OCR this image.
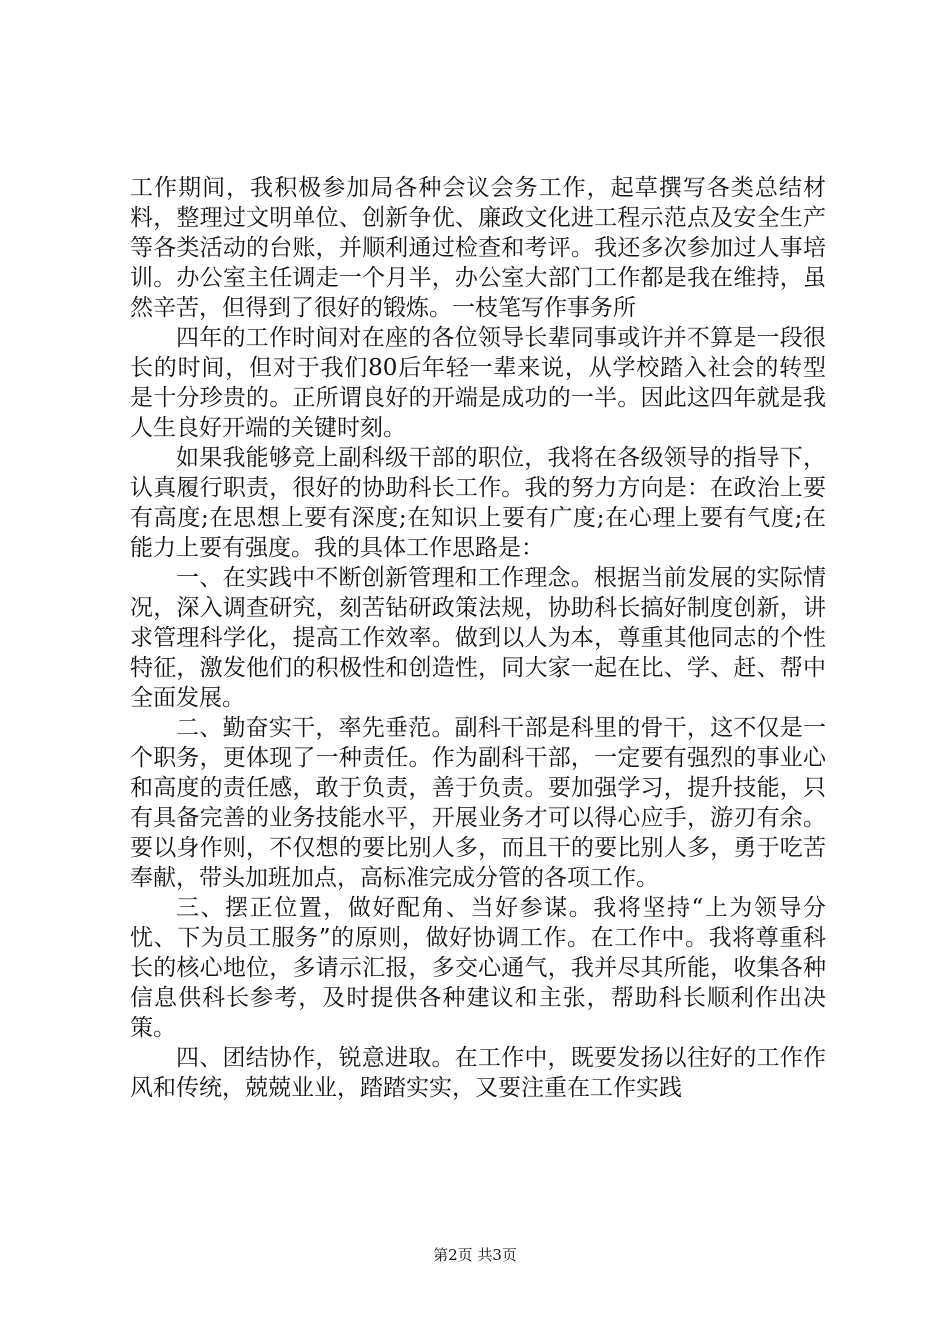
工作期间，我积极参加局各种会议会务工作，起草撰写各类总结材料，整理过文明单位、创新争优、廉政文化进工程示范点及安全生产等各类活动的台账，并顺利通过检查和考评。我还多次参加过人事培训。办公室主任调走一个月半，办公室大部门工作都是我在维持，虽然辛苦，但得到了很好的锻炼。一枝笔写作事务所

四年的工作时间对在座的各位领导长辈同事或许并不算是一段很长的时间，但对于我们80后年轻一辈来说，从学校踏入社会的转型是十分珍贵的。正所谓良好的开端是成功的一半。因此这四年就是我人生良好开端的关键时刻。

如果我能够竞上副科级干部的职位，我将在各级领导的指导下，认真履行职责，很好的协助科长工作。我的努力方向是：在政治上要有高度;在思想上要有深度;在知识上要有广度;在心理上要有气度;在能力上要有强度。我的具体工作思路是：

一、在实践中不断创新管理和工作理念。根据当前发展的实际情况，深入调查研究，刻苦钻研政策法规，协助科长搞好制度创新，讲求管理科学化，提高工作效率。做到以人为本，尊重其他同志的个性特征，激发他们的积极性和创造性，同大家一起在比、学、赶、帮中全面发展。

二、勤奋实干，率先垂范。副科干部是科里的骨干，这不仅是一个职务，更体现了一种责任。作为副科干部，一定要有强烈的事业心和高度的责任感，敢于负责，善于负责。要加强学习，提升技能，只有具备完善的业务技能水平，开展业务才可以得心应手，游刃有余。要以身作则，不仅想的要比别人多，而且干的要比别人多，勇于吃苦奉献，带头加班加点，高标准完成分管的各项工作。

三、摆正位置，做好配角、当好参谋。我将坚持“上为领导分忧、下为员工服务”的原则，做好协调工作。在工作中。我将尊重科长的核心地位，多请示汇报，多交心通气，我并尽其所能，收集各种信息供科长参考，及时提供各种建议和主张，帮助科长顺利作出决策。

四、团结协作，锐意进取。在工作中，既要发扬以往好的工作作风和传统，兢兢业业，踏踏实实，又要注重在工作实践

第2页 共3页
